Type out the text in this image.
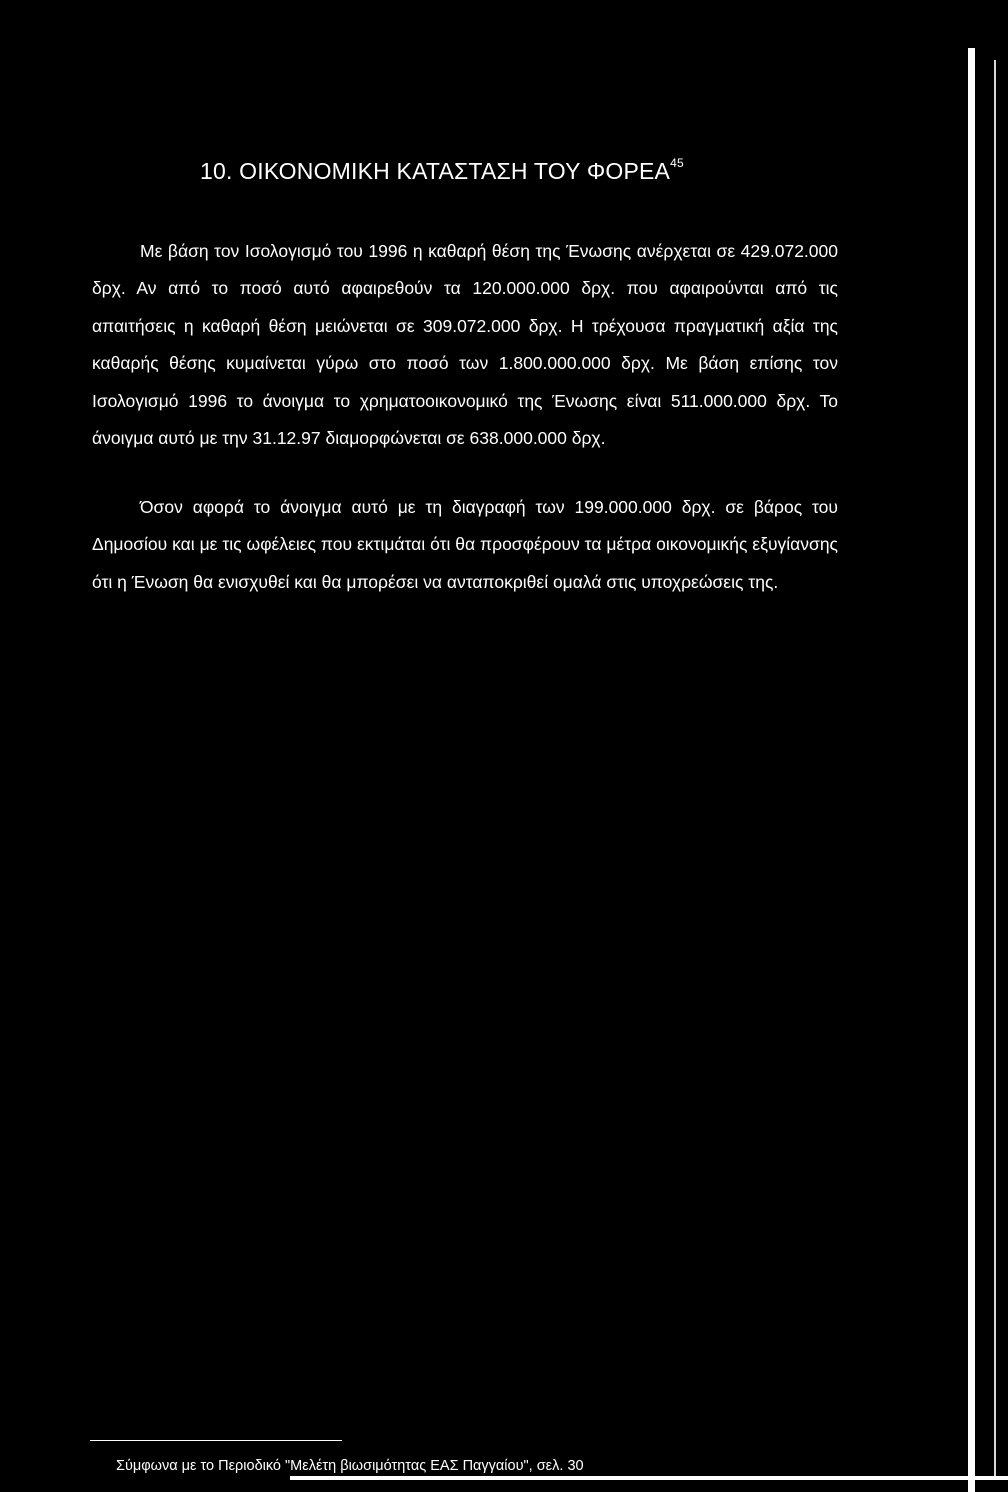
10. ΟΙΚΟΝΟΜΙΚΗ ΚΑΤΑΣΤΑΣΗ ΤΟΥ ΦΟΡΕΑ$^{45}$

Με βάση τον Ισολογισμό του 1996 η καθαρή θέση της Ένωσης ανέρχεται σε 429.072.000 δρχ. Αν από το ποσό αυτό αφαιρεθούν τα 120.000.000 δρχ. που αφαιρούνται από τις απαιτήσεις η καθαρή θέση μειώνεται σε 309.072.000 δρχ. Η τρέχουσα πραγματική αξία της καθαρής θέσης κυμαίνεται γύρω στο ποσό των 1.800.000.000 δρχ. Με βάση επίσης τον Ισολογισμό 1996 το άνοιγμα το χρηματοοικονομικό της Ένωσης είναι 511.000.000 δρχ. Το άνοιγμα αυτό με την 31.12.97 διαμορφώνεται σε 638.000.000 δρχ.

Όσον αφορά το άνοιγμα αυτό με τη διαγραφή των 199.000.000 δρχ. σε βάρος του Δημοσίου και με τις ωφέλειες που εκτιμάται ότι θα προσφέρουν τα μέτρα οικονομικής εξυγίανσης ότι η Ένωση θα ενισχυθεί και θα μπορέσει να ανταποκριθεί ομαλά στις υποχρεώσεις της.

Σύμφωνα με το Περιοδικό "Μελέτη βιωσιμότητας ΕΑΣ Παγγαίου", σελ. 30
